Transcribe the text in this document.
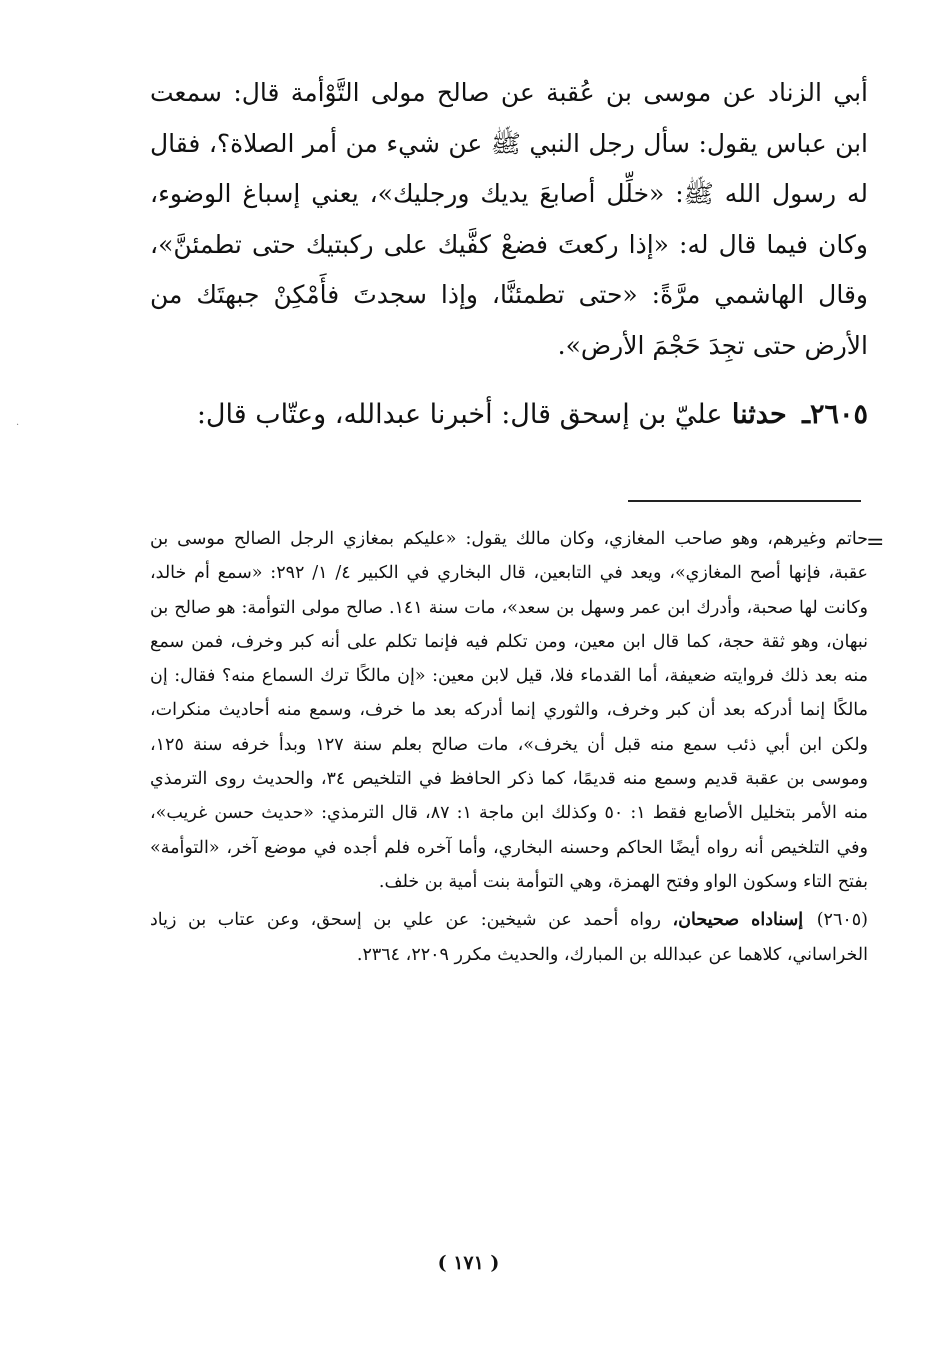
أبي الزناد عن موسى بن عُقبة عن صالح مولى التَّوْأمة قال: سمعت ابن عباس يقول: سأل رجل النبي ﷺ عن شيء من أمر الصلاة؟، فقال له رسول الله ﷺ: «خلِّل أصابعَ يديك ورجليك»، يعني إسباغ الوضوء، وكان فيما قال له: «إذا ركعتَ فضعْ كفَّيك على ركبتيك حتى تطمئنَّ»، وقال الهاشمي مرَّةً: «حتى تطمئنَّا، وإذا سجدتَ فأَمْكِنْ جبهتَك من الأرض حتى تجِدَ حَجْمَ الأرض».

٢٦٠٥ـ حدثنا عليّ بن إسحق قال: أخبرنا عبدالله، وعتّاب قال:
=

حاتم وغيرهم، وهو صاحب المغازي، وكان مالك يقول: «عليكم بمغازي الرجل الصالح موسى بن عقبة، فإنها أصح المغازي»، ويعد في التابعين، قال البخاري في الكبير ٤/ ١/ ٢٩٢: «سمع أم خالد، وكانت لها صحبة، وأدرك ابن عمر وسهل بن سعد»، مات سنة ١٤١. صالح مولى التوأمة: هو صالح بن نبهان، وهو ثقة حجة، كما قال ابن معين، ومن تكلم فيه فإنما تكلم على أنه كبر وخرف، فمن سمع منه بعد ذلك فروايته ضعيفة، أما القدماء فلا، قيل لابن معين: «إن مالكًا ترك السماع منه؟ فقال: إن مالكًا إنما أدركه بعد أن كبر وخرف، والثوري إنما أدركه بعد ما خرف، وسمع منه أحاديث منكرات، ولكن ابن أبي ذئب سمع منه قبل أن يخرف»، مات صالح بعلم سنة ١٢٧ وبدأ خرفه سنة ١٢٥، وموسى بن عقبة قديم وسمع منه قديمًا، كما ذكر الحافظ في التلخيص ٣٤، والحديث روى الترمذي منه الأمر بتخليل الأصابع فقط ١: ٥٠ وكذلك ابن ماجة ١: ٨٧، قال الترمذي: «حديث حسن غريب»، وفي التلخيص أنه رواه أيضًا الحاكم وحسنه البخاري، وأما آخره فلم أجده في موضع آخر، «التوأمة» بفتح التاء وسكون الواو وفتح الهمزة، وهي التوأمة بنت أمية بن خلف.

(٢٦٠٥) إسناداه صحيحان، رواه أحمد عن شيخين: عن علي بن إسحق، وعن عتاب بن زياد الخراساني، كلاهما عن عبدالله بن المبارك، والحديث مكرر ٢٢٠٩، ٢٣٦٤.

( ١٧١ )
·
